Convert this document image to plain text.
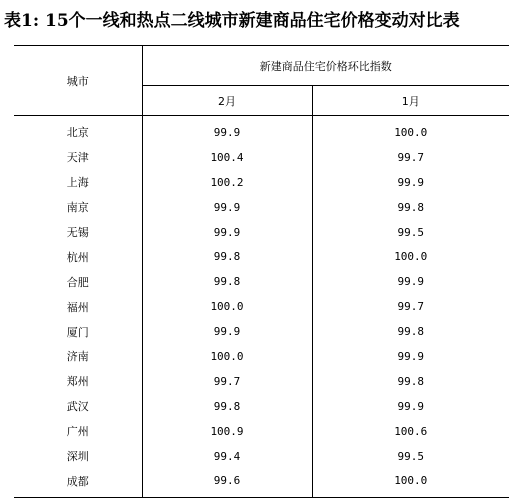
表1: 15个一线和热点二线城市新建商品住宅价格变动对比表
城市	新建商品住宅价格环比指数	
	2月	1月
北京	99.9	100.0
天津	100.4	99.7
上海	100.2	99.9
南京	99.9	99.8
无锡	99.9	99.5
杭州	99.8	100.0
合肥	99.8	99.9
福州	100.0	99.7
厦门	99.9	99.8
济南	100.0	99.9
郑州	99.7	99.8
武汉	99.8	99.9
广州	100.9	100.6
深圳	99.4	99.5
成都	99.6	100.0
